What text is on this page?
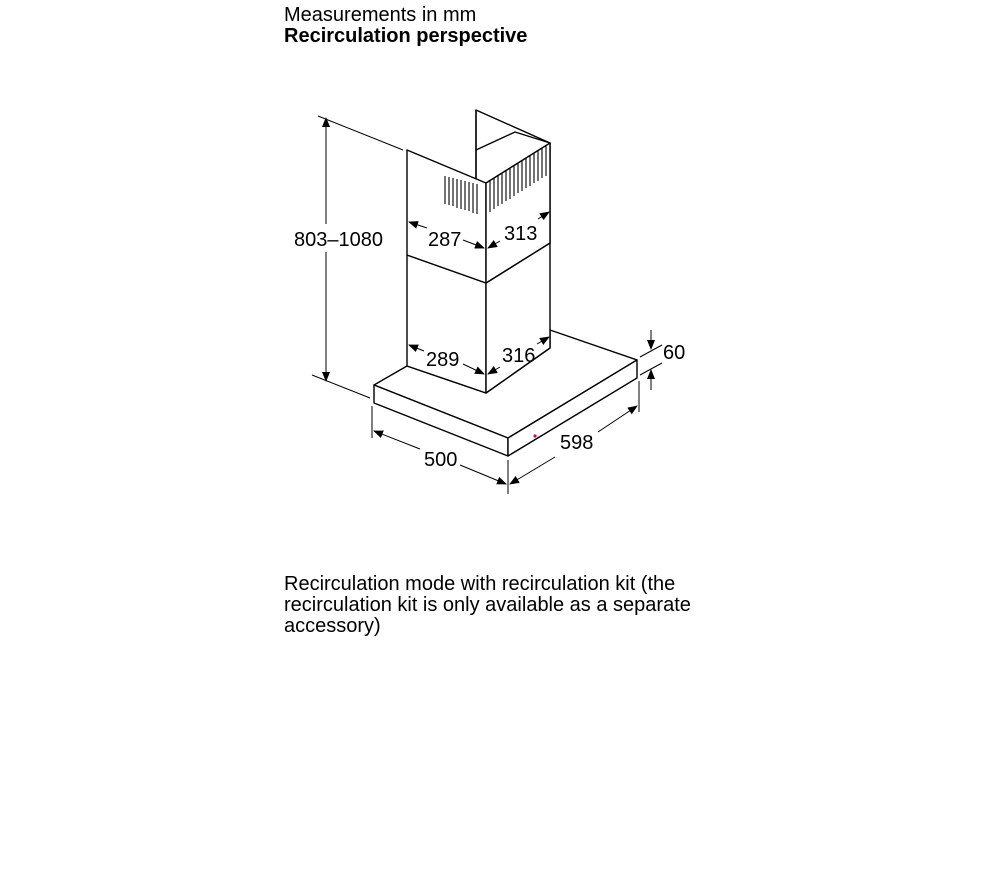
Measurements in mm
Recirculation perspective
803–1080 287 313
289 316	60
500
598
Recirculation mode with recirculation kit (the recirculation kit is only available as a separate accessory)
